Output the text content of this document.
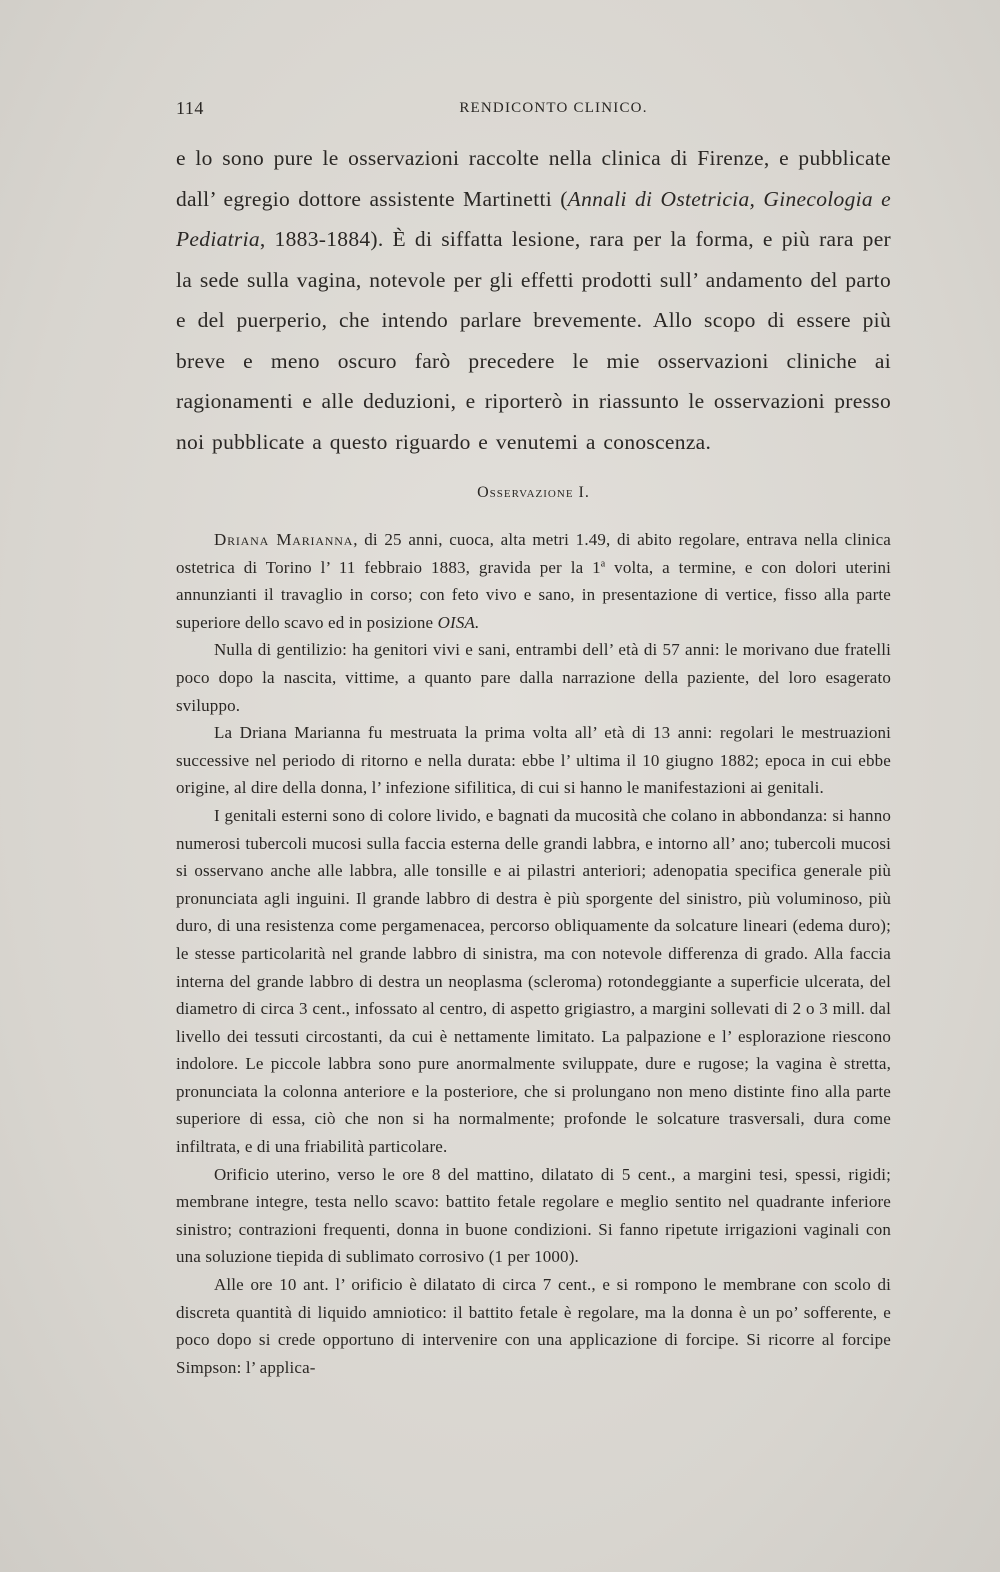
114	RENDICONTO CLINICO.

e lo sono pure le osservazioni raccolte nella clinica di Firenze, e pubblicate dall’ egregio dottore assistente Martinetti (Annali di Ostetricia, Ginecologia e Pediatria, 1883-1884). È di siffatta lesione, rara per la forma, e più rara per la sede sulla vagina, notevole per gli effetti prodotti sull’ andamento del parto e del puerperio, che intendo parlare brevemente. Allo scopo di essere più breve e meno oscuro farò precedere le mie osservazioni cliniche ai ragionamenti e alle deduzioni, e riporterò in riassunto le osservazioni presso noi pubblicate a questo riguardo e venutemi a conoscenza.

Osservazione I.

Driana Marianna, di 25 anni, cuoca, alta metri 1.49, di abito regolare, entrava nella clinica ostetrica di Torino l’ 11 febbraio 1883, gravida per la 1$^a$ volta, a termine, e con dolori uterini annunzianti il travaglio in corso; con feto vivo e sano, in presentazione di vertice, fisso alla parte superiore dello scavo ed in posizione OISA.

Nulla di gentilizio: ha genitori vivi e sani, entrambi dell’ età di 57 anni: le morivano due fratelli poco dopo la nascita, vittime, a quanto pare dalla narrazione della paziente, del loro esagerato sviluppo.

La Driana Marianna fu mestruata la prima volta all’ età di 13 anni: regolari le mestruazioni successive nel periodo di ritorno e nella durata: ebbe l’ ultima il 10 giugno 1882; epoca in cui ebbe origine, al dire della donna, l’ infezione sifilitica, di cui si hanno le manifestazioni ai genitali.

I genitali esterni sono di colore livido, e bagnati da mucosità che colano in abbondanza: si hanno numerosi tubercoli mucosi sulla faccia esterna delle grandi labbra, e intorno all’ ano; tubercoli mucosi si osservano anche alle labbra, alle tonsille e ai pilastri anteriori; adenopatia specifica generale più pronunciata agli inguini. Il grande labbro di destra è più sporgente del sinistro, più voluminoso, più duro, di una resistenza come pergamenacea, percorso obliquamente da solcature lineari (edema duro); le stesse particolarità nel grande labbro di sinistra, ma con notevole differenza di grado. Alla faccia interna del grande labbro di destra un neoplasma (scleroma) rotondeggiante a superficie ulcerata, del diametro di circa 3 cent., infossato al centro, di aspetto grigiastro, a margini sollevati di 2 o 3 mill. dal livello dei tessuti circostanti, da cui è nettamente limitato. La palpazione e l’ esplorazione riescono indolore. Le piccole labbra sono pure anormalmente sviluppate, dure e rugose; la vagina è stretta, pronunciata la colonna anteriore e la posteriore, che si prolungano non meno distinte fino alla parte superiore di essa, ciò che non si ha normalmente; profonde le solcature trasversali, dura come infiltrata, e di una friabilità particolare.

Orificio uterino, verso le ore 8 del mattino, dilatato di 5 cent., a margini tesi, spessi, rigidi; membrane integre, testa nello scavo: battito fetale regolare e meglio sentito nel quadrante inferiore sinistro; contrazioni frequenti, donna in buone condizioni. Si fanno ripetute irrigazioni vaginali con una soluzione tiepida di sublimato corrosivo (1 per 1000).

Alle ore 10 ant. l’ orificio è dilatato di circa 7 cent., e si rompono le membrane con scolo di discreta quantità di liquido amniotico: il battito fetale è regolare, ma la donna è un po’ sofferente, e poco dopo si crede opportuno di intervenire con una applicazione di forcipe. Si ricorre al forcipe Simpson: l’ applica-
